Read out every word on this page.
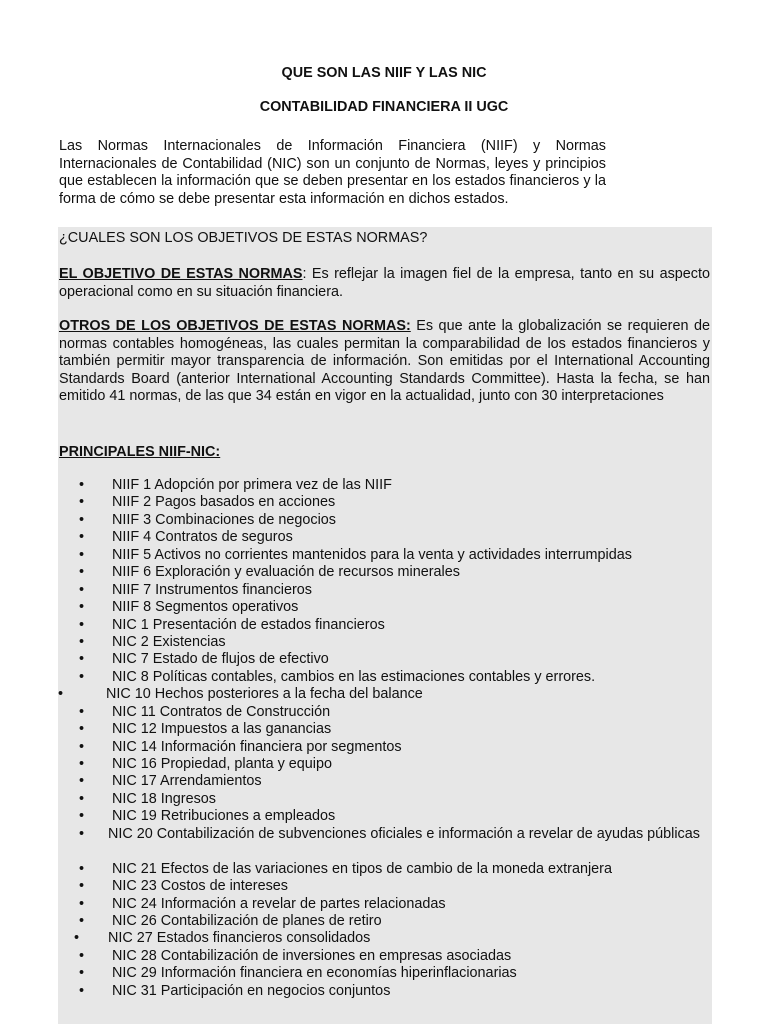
QUE SON LAS NIIF Y LAS NIC
CONTABILIDAD FINANCIERA II UGC

Las Normas Internacionales de Información Financiera (NIIF) y Normas Internacionales de Contabilidad (NIC) son un conjunto de Normas, leyes y principios que establecen la información que se deben presentar en los estados financieros y la forma de cómo se debe presentar esta información en dichos estados.

¿CUALES SON LOS OBJETIVOS DE ESTAS NORMAS?

EL OBJETIVO DE ESTAS NORMAS: Es reflejar la imagen fiel de la empresa, tanto en su aspecto operacional como en su situación financiera.

OTROS DE LOS OBJETIVOS DE ESTAS NORMAS: Es que ante la globalización se requieren de normas contables homogéneas, las cuales permitan la comparabilidad de los estados financieros y también permitir mayor transparencia de información. Son emitidas por el International Accounting Standards Board (anterior International Accounting Standards Committee). Hasta la fecha, se han emitido 41 normas, de las que 34 están en vigor en la actualidad, junto con 30 interpretaciones

PRINCIPALES NIIF-NIC:
• NIIF 1 Adopción por primera vez de las NIIF
• NIIF 2 Pagos basados en acciones
• NIIF 3 Combinaciones de negocios
• NIIF 4 Contratos de seguros
• NIIF 5 Activos no corrientes mantenidos para la venta y actividades interrumpidas
• NIIF 6 Exploración y evaluación de recursos minerales
• NIIF 7 Instrumentos financieros
• NIIF 8 Segmentos operativos
• NIC 1 Presentación de estados financieros
• NIC 2 Existencias
• NIC 7 Estado de flujos de efectivo
• NIC 8 Políticas contables, cambios en las estimaciones contables y errores.
•	NIC 10 Hechos posteriores a la fecha del balance
• NIC 11 Contratos de Construcción
• NIC 12 Impuestos a las ganancias
• NIC 14 Información financiera por segmentos
• NIC 16 Propiedad, planta y equipo
• NIC 17 Arrendamientos
• NIC 18 Ingresos
• NIC 19 Retribuciones a empleados
• NIC 20 Contabilización de subvenciones oficiales e información a revelar de ayudas públicas
• NIC 21 Efectos de las variaciones en tipos de cambio de la moneda extranjera
• NIC 23 Costos de intereses
• NIC 24 Información a revelar de partes relacionadas
• NIC 26 Contabilización de planes de retiro
• NIC 27 Estados financieros consolidados
• NIC 28 Contabilización de inversiones en empresas asociadas
• NIC 29 Información financiera en economías hiperinflacionarias
• NIC 31 Participación en negocios conjuntos
